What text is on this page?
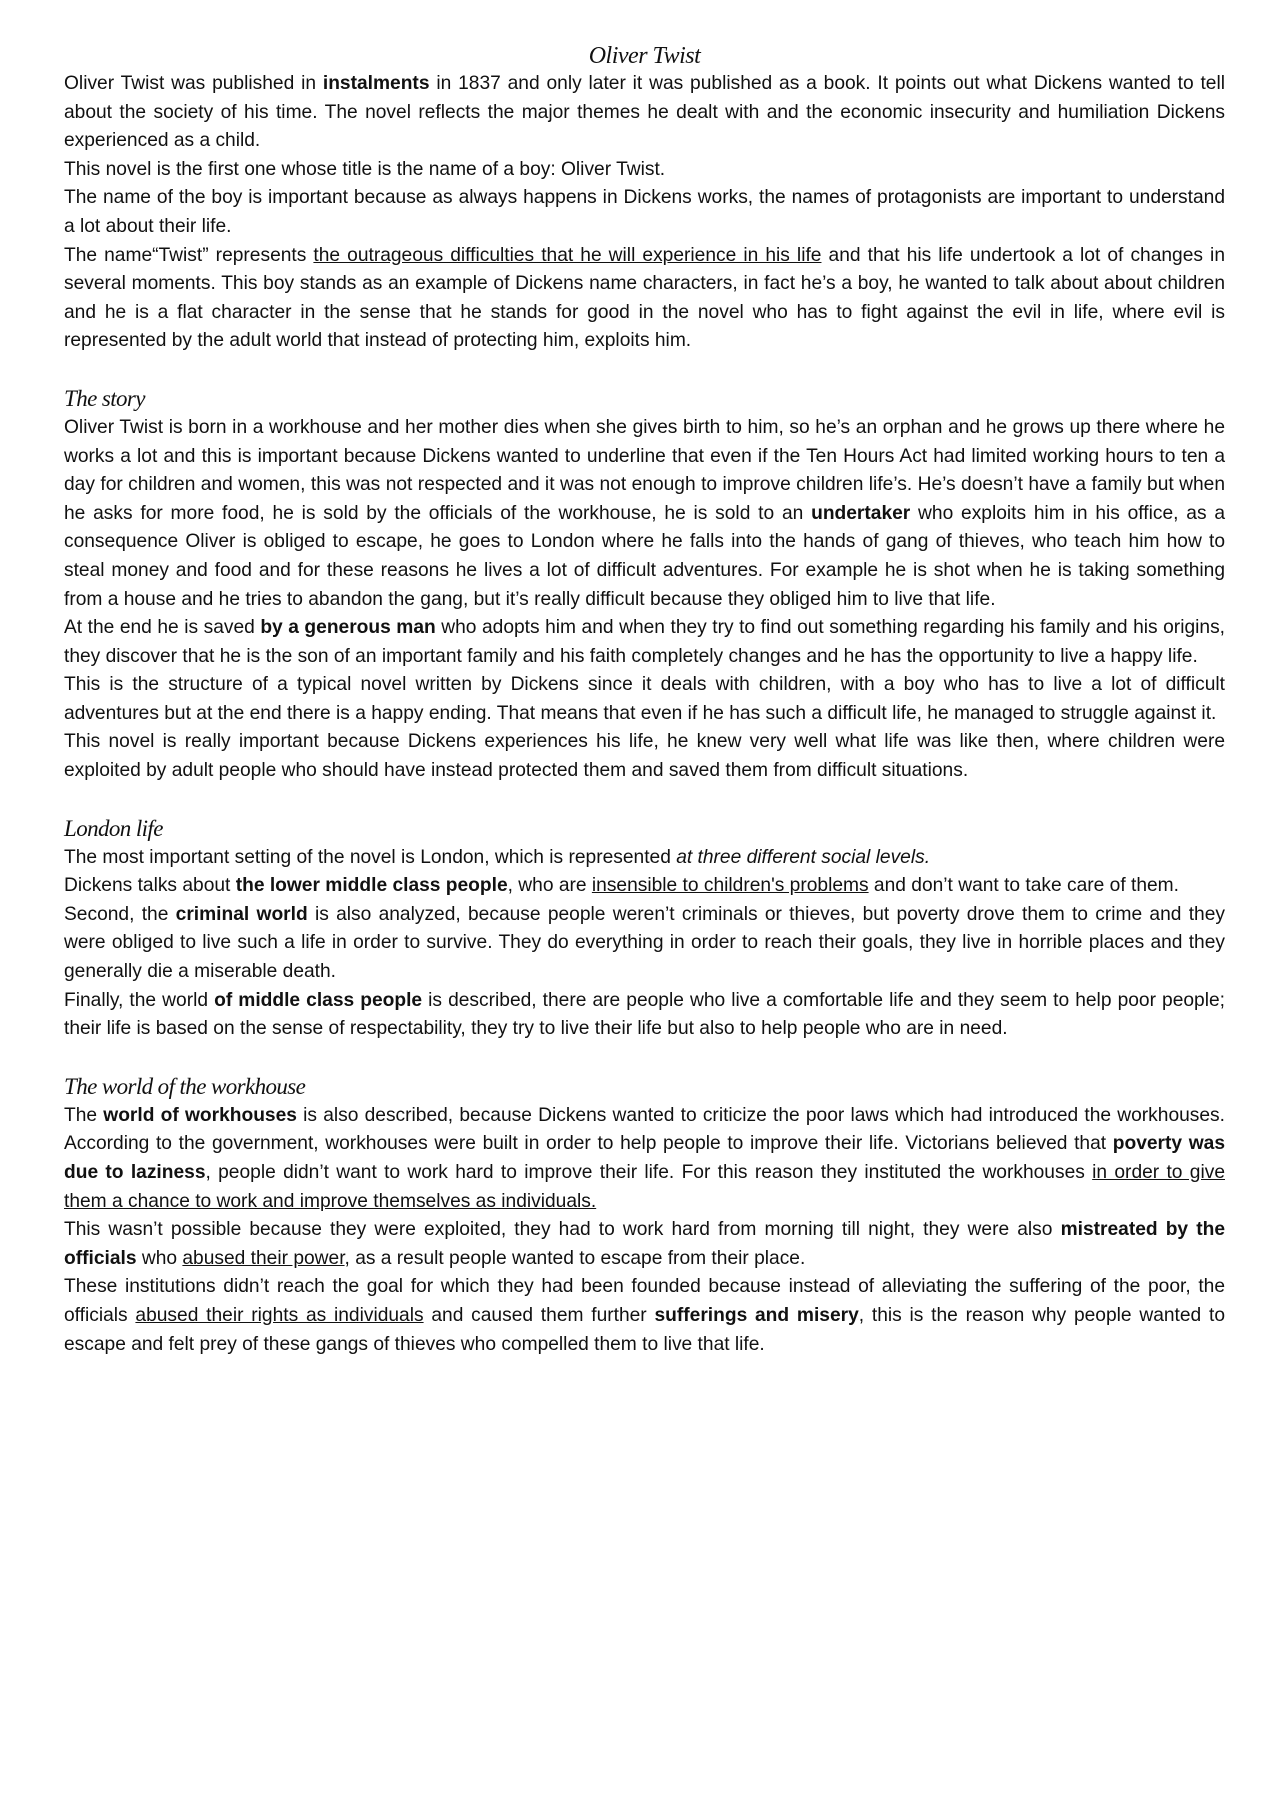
Oliver Twist

Oliver Twist was published in instalments in 1837 and only later it was published as a book. It points out what Dickens wanted to tell about the society of his time. The novel reflects the major themes he dealt with and the economic insecurity and humiliation Dickens experienced as a child.

This novel is the first one whose title is the name of a boy: Oliver Twist.

The name of the boy is important because as always happens in Dickens works, the names of protagonists are important to understand a lot about their life.

The name“Twist” represents the outrageous difficulties that he will experience in his life and that his life undertook a lot of changes in several moments. This boy stands as an example of Dickens name characters, in fact he’s a boy, he wanted to talk about about children and he is a flat character in the sense that he stands for good in the novel who has to fight against the evil in life, where evil is represented by the adult world that instead of protecting him, exploits him.

The story

Oliver Twist is born in a workhouse and her mother dies when she gives birth to him, so he’s an orphan and he grows up there where he works a lot and this is important because Dickens wanted to underline that even if the Ten Hours Act had limited working hours to ten a day for children and women, this was not respected and it was not enough to improve children life’s. He’s doesn’t have a family but when he asks for more food, he is sold by the officials of the workhouse, he is sold to an undertaker who exploits him in his office, as a consequence Oliver is obliged to escape, he goes to London where he falls into the hands of gang of thieves, who teach him how to steal money and food and for these reasons he lives a lot of difficult adventures. For example he is shot when he is taking something from a house and he tries to abandon the gang, but it’s really difficult because they obliged him to live that life.

At the end he is saved by a generous man who adopts him and when they try to find out something regarding his family and his origins, they discover that he is the son of an important family and his faith completely changes and he has the opportunity to live a happy life.

This is the structure of a typical novel written by Dickens since it deals with children, with a boy who has to live a lot of difficult adventures but at the end there is a happy ending. That means that even if he has such a difficult life, he managed to struggle against it.

This novel is really important because Dickens experiences his life, he knew very well what life was like then, where children were exploited by adult people who should have instead protected them and saved them from difficult situations.

London life

The most important setting of the novel is London, which is represented at three different social levels.

Dickens talks about the lower middle class people, who are insensible to children's problems and don’t want to take care of them.

Second, the criminal world is also analyzed, because people weren’t criminals or thieves, but poverty drove them to crime and they were obliged to live such a life in order to survive. They do everything in order to reach their goals, they live in horrible places and they generally die a miserable death.

Finally, the world of middle class people is described, there are people who live a comfortable life and they seem to help poor people; their life is based on the sense of respectability, they try to live their life but also to help people who are in need.

The world of the workhouse

The world of workhouses is also described, because Dickens wanted to criticize the poor laws which had introduced the workhouses. According to the government, workhouses were built in order to help people to improve their life. Victorians believed that poverty was due to laziness, people didn’t want to work hard to improve their life. For this reason they instituted the workhouses in order to give them a chance to work and improve themselves as individuals.

This wasn’t possible because they were exploited, they had to work hard from morning till night, they were also mistreated by the officials who abused their power, as a result people wanted to escape from their place.

These institutions didn’t reach the goal for which they had been founded because instead of alleviating the suffering of the poor, the officials abused their rights as individuals and caused them further sufferings and misery, this is the reason why people wanted to escape and felt prey of these gangs of thieves who compelled them to live that life.
